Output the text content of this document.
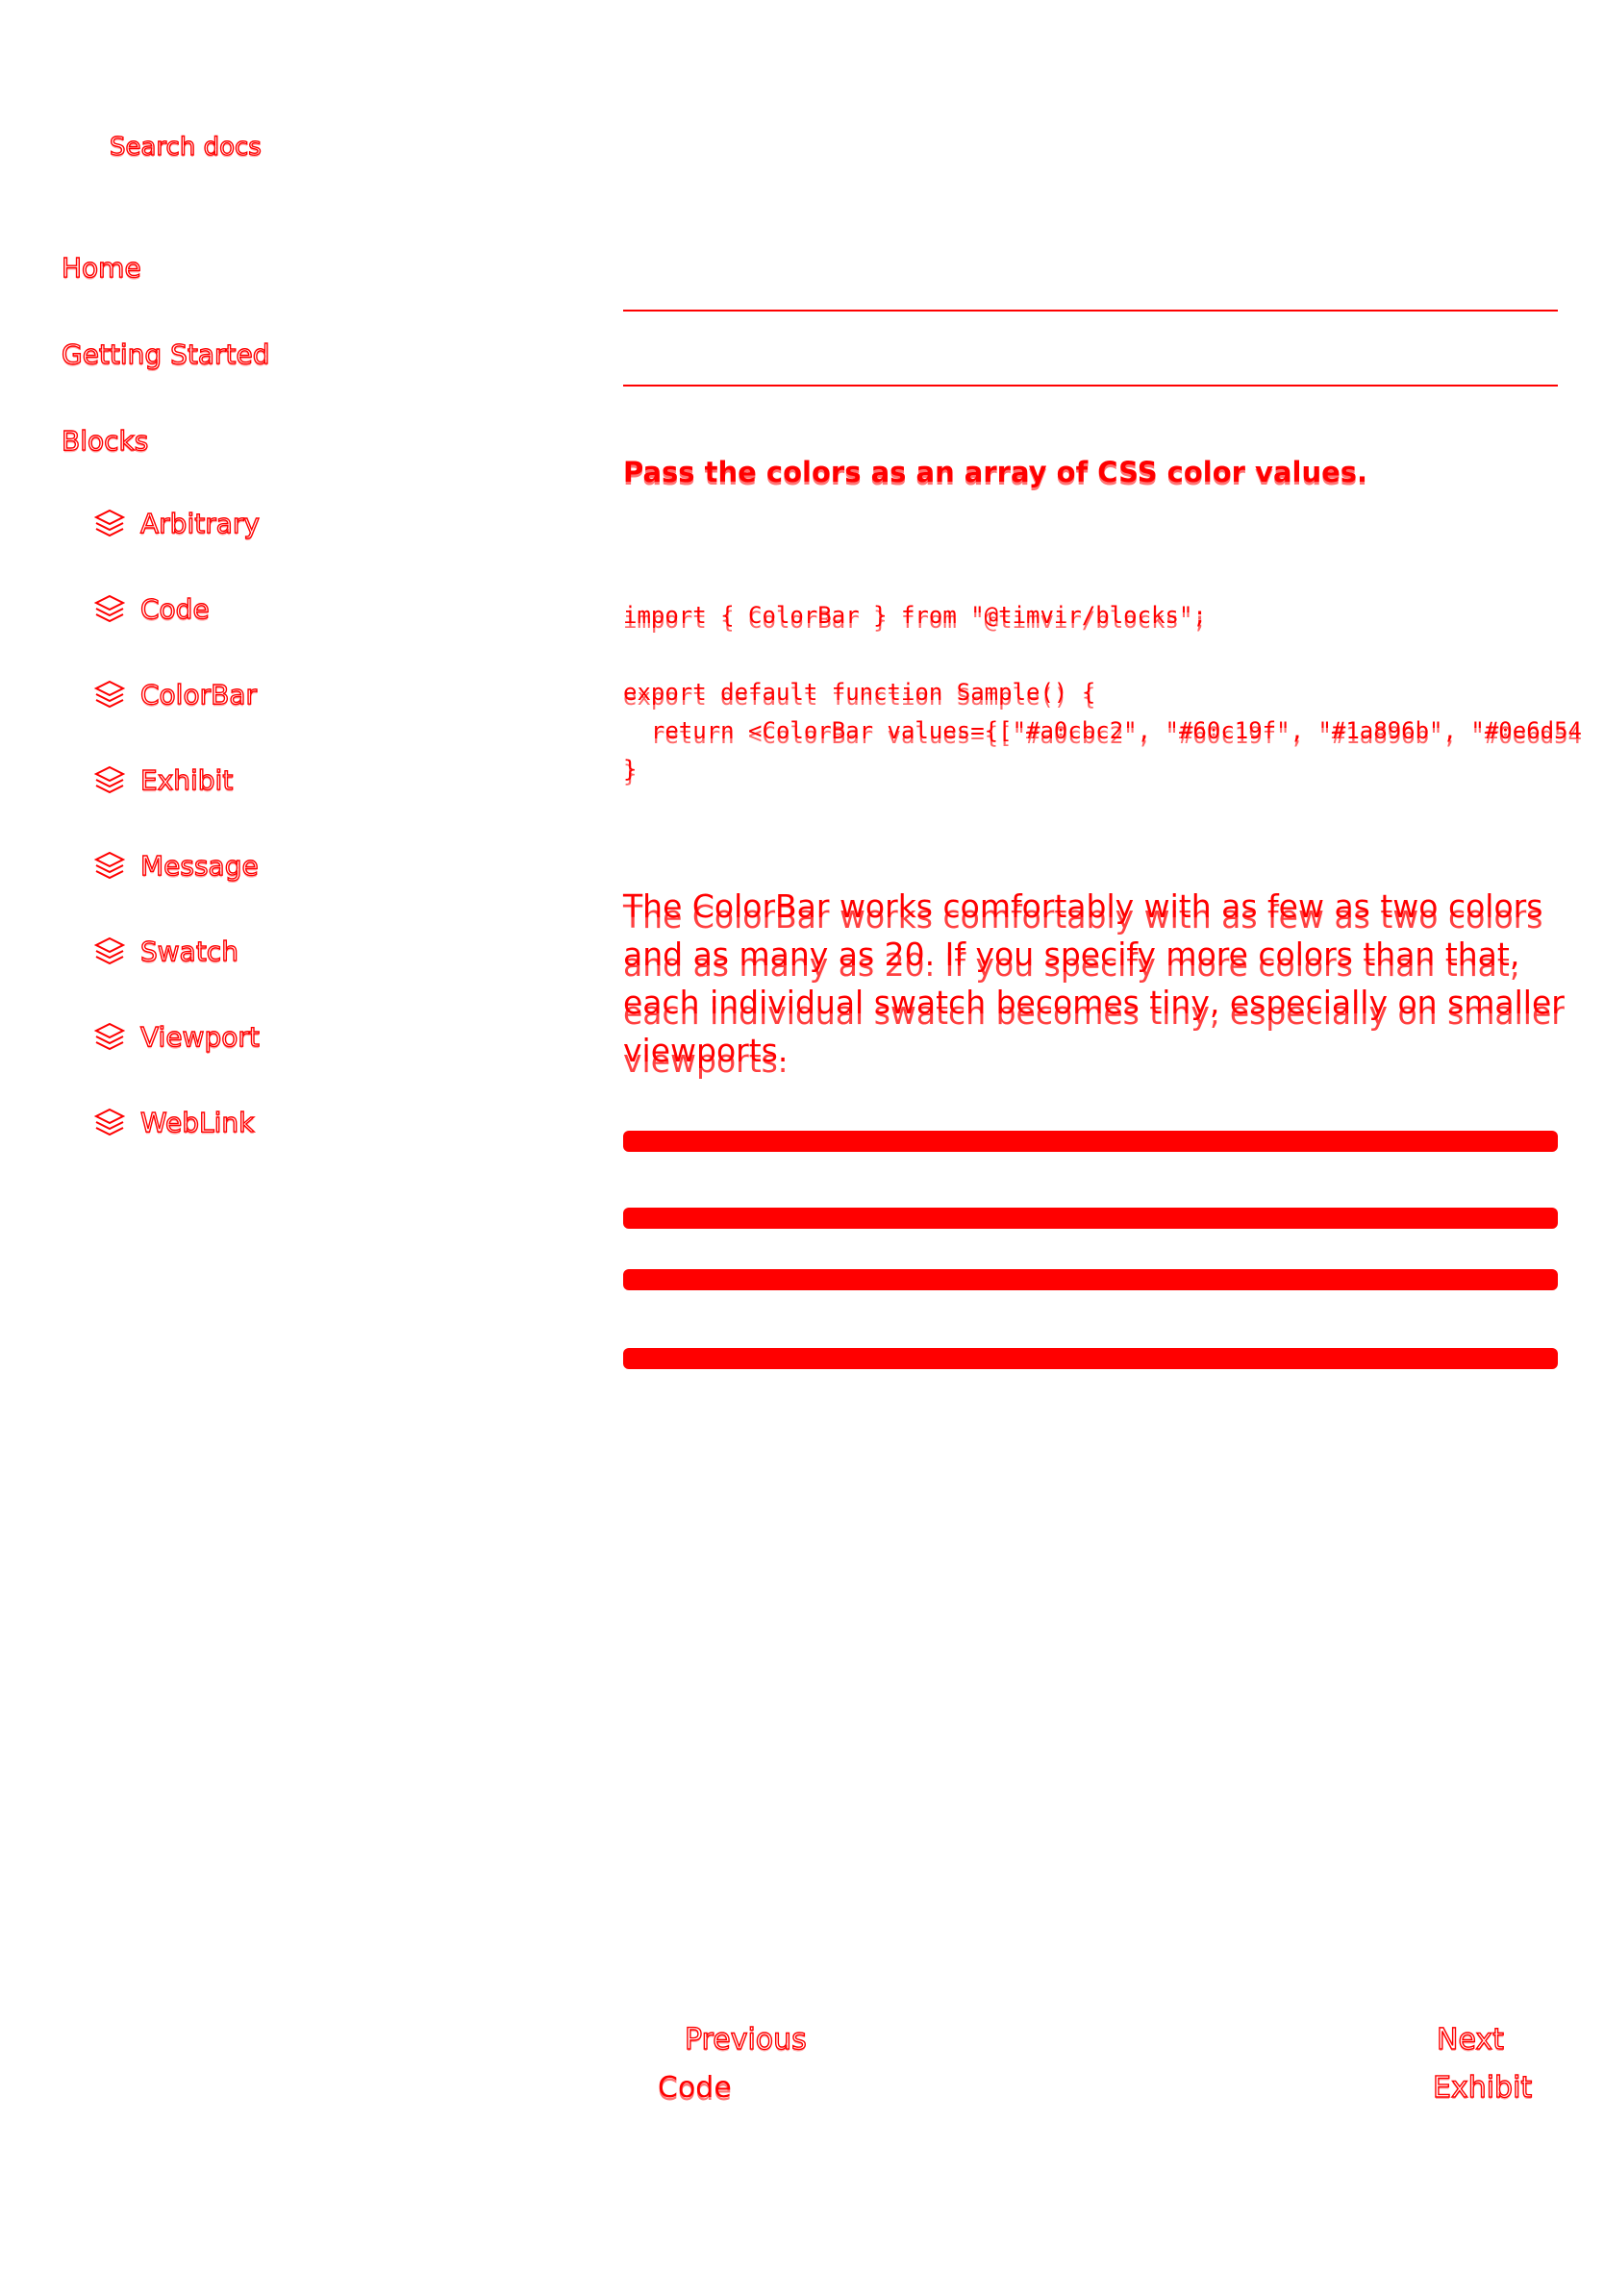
Search docs
Home
Getting Started
Blocks
Arbitrary
Code
ColorBar
Exhibit
Message
Swatch
Viewport
WebLink
Pass the colors as an array of CSS color values.
import { ColorBar } from "@timvir/blocks";
export default function Sample() {
return <ColorBar values={["#a0cbc2", "#60c19f", "#1a896b", "#0e6d54
}
The ColorBar works comfortably with as few as two colors and as many as 20. If you specify more colors than that, each individual swatch becomes tiny, especially on smaller viewports.
Previous
Code
Next
Exhibit
